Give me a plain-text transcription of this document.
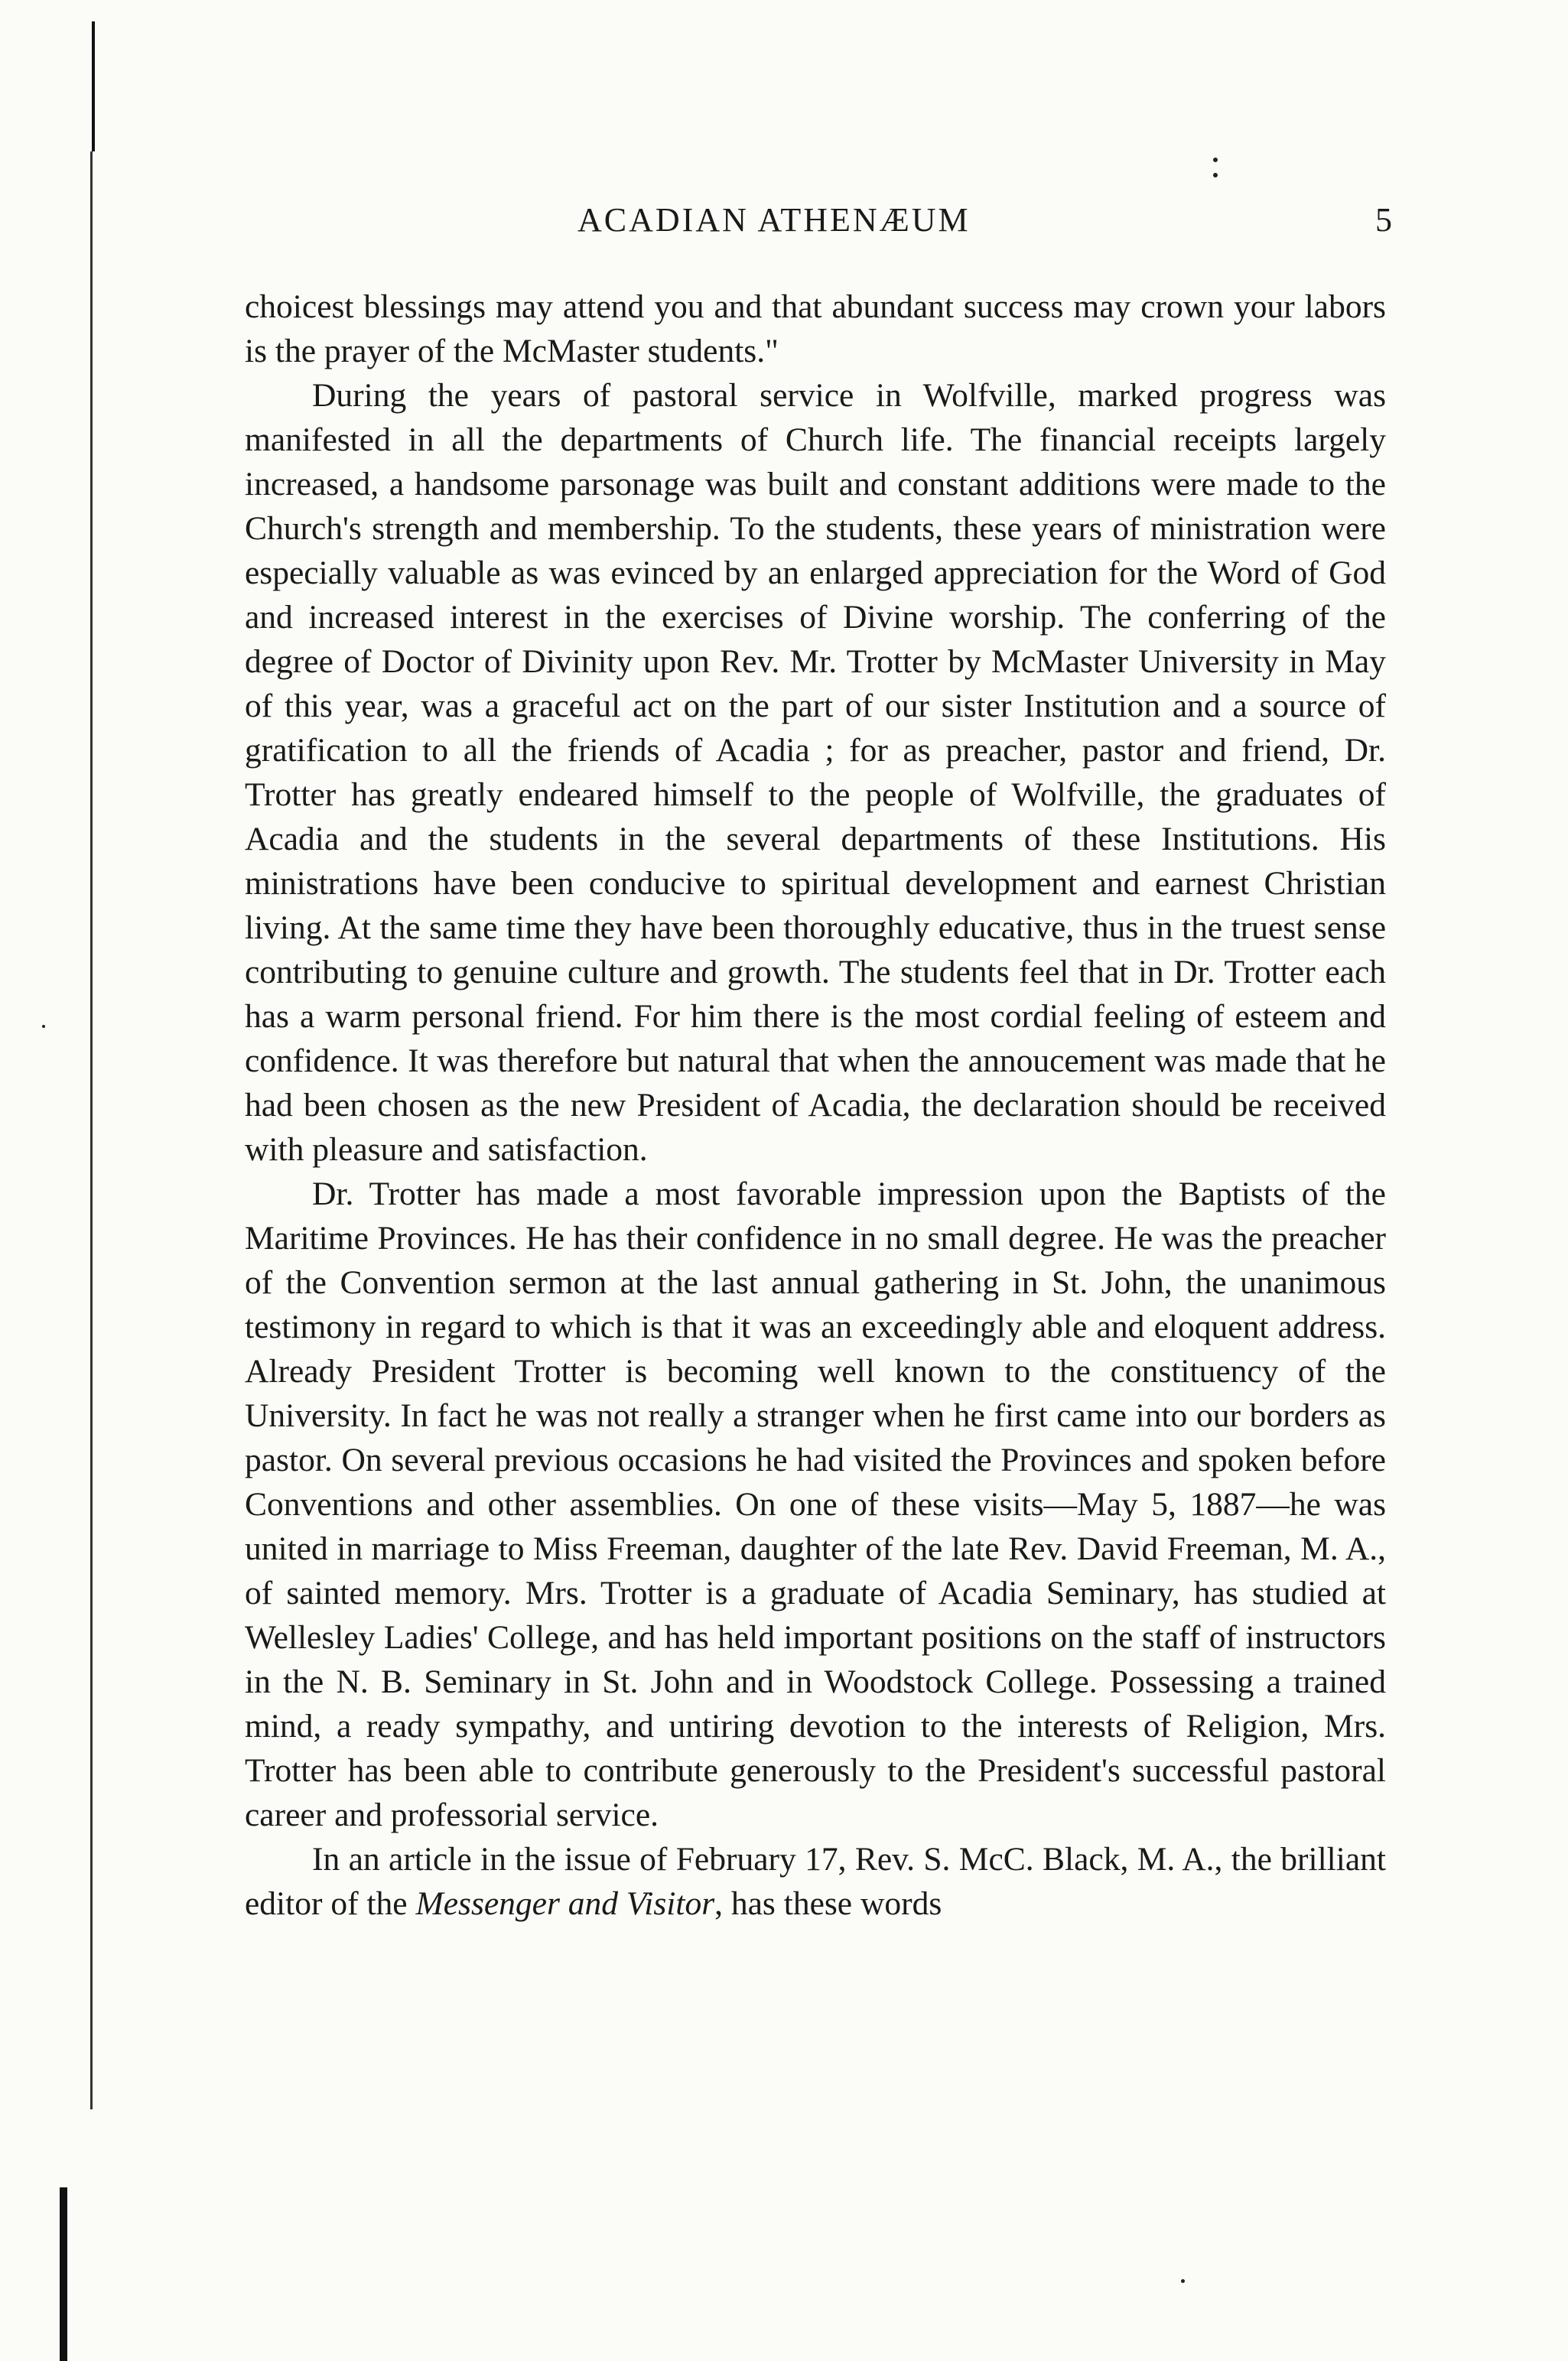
ACADIAN ATHENÆUM	5

choicest blessings may attend you and that abundant success may crown your labors is the prayer of the McMaster students."

During the years of pastoral service in Wolfville, marked progress was manifested in all the departments of Church life. The financial receipts largely increased, a handsome parsonage was built and constant additions were made to the Church's strength and membership. To the students, these years of ministration were especially valuable as was evinced by an enlarged appreciation for the Word of God and increased interest in the exercises of Divine worship. The conferring of the degree of Doctor of Divinity upon Rev. Mr. Trotter by McMaster University in May of this year, was a graceful act on the part of our sister Institution and a source of gratification to all the friends of Acadia ; for as preacher, pastor and friend, Dr. Trotter has greatly endeared himself to the people of Wolfville, the graduates of Acadia and the students in the several departments of these Institutions. His ministrations have been conducive to spiritual development and earnest Christian living. At the same time they have been thoroughly educative, thus in the truest sense contributing to genuine culture and growth. The students feel that in Dr. Trotter each has a warm personal friend. For him there is the most cordial feeling of esteem and confidence. It was therefore but natural that when the annoucement was made that he had been chosen as the new President of Acadia, the declaration should be received with pleasure and satisfaction.

Dr. Trotter has made a most favorable impression upon the Baptists of the Maritime Provinces. He has their confidence in no small degree. He was the preacher of the Convention sermon at the last annual gathering in St. John, the unanimous testimony in regard to which is that it was an exceedingly able and eloquent address. Already President Trotter is becoming well known to the constituency of the University. In fact he was not really a stranger when he first came into our borders as pastor. On several previous occasions he had visited the Provinces and spoken before Conventions and other assemblies. On one of these visits—May 5, 1887—he was united in marriage to Miss Freeman, daughter of the late Rev. David Freeman, M. A., of sainted memory. Mrs. Trotter is a graduate of Acadia Seminary, has studied at Wellesley Ladies' College, and has held important positions on the staff of instructors in the N. B. Seminary in St. John and in Woodstock College. Possessing a trained mind, a ready sympathy, and untiring devotion to the interests of Religion, Mrs. Trotter has been able to contribute generously to the President's successful pastoral career and professorial service.

In an article in the issue of February 17, Rev. S. McC. Black, M. A., the brilliant editor of the Messenger and Visitor, has these words
